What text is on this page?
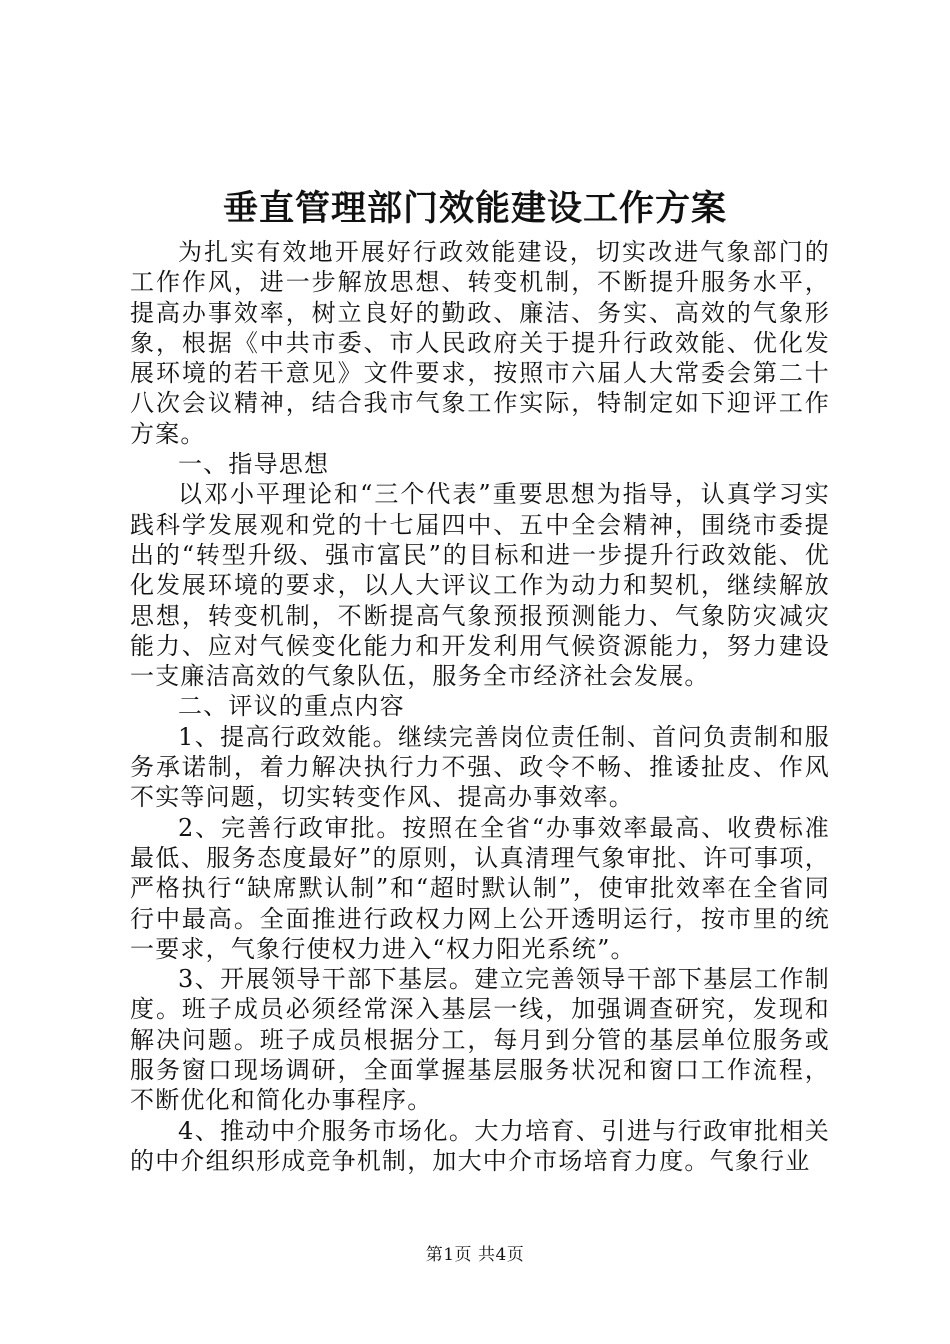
垂直管理部门效能建设工作方案

为扎实有效地开展好行政效能建设，切实改进气象部门的工作作风，进一步解放思想、转变机制，不断提升服务水平，提高办事效率，树立良好的勤政、廉洁、务实、高效的气象形象，根据《中共市委、市人民政府关于提升行政效能、优化发展环境的若干意见》文件要求，按照市六届人大常委会第二十八次会议精神，结合我市气象工作实际，特制定如下迎评工作方案。

一、指导思想

以邓小平理论和“三个代表”重要思想为指导，认真学习实践科学发展观和党的十七届四中、五中全会精神，围绕市委提出的“转型升级、强市富民”的目标和进一步提升行政效能、优化发展环境的要求，以人大评议工作为动力和契机，继续解放思想，转变机制，不断提高气象预报预测能力、气象防灾减灾能力、应对气候变化能力和开发利用气候资源能力，努力建设一支廉洁高效的气象队伍，服务全市经济社会发展。

二、评议的重点内容

1、提高行政效能。继续完善岗位责任制、首问负责制和服务承诺制，着力解决执行力不强、政令不畅、推诿扯皮、作风不实等问题，切实转变作风、提高办事效率。

2、完善行政审批。按照在全省“办事效率最高、收费标准最低、服务态度最好”的原则，认真清理气象审批、许可事项，严格执行“缺席默认制”和“超时默认制”，使审批效率在全省同行中最高。全面推进行政权力网上公开透明运行，按市里的统一要求，气象行使权力进入“权力阳光系统”。

3、开展领导干部下基层。建立完善领导干部下基层工作制度。班子成员必须经常深入基层一线，加强调查研究，发现和解决问题。班子成员根据分工，每月到分管的基层单位服务或服务窗口现场调研，全面掌握基层服务状况和窗口工作流程，不断优化和简化办事程序。

4、推动中介服务市场化。大力培育、引进与行政审批相关的中介组织形成竞争机制，加大中介市场培育力度。气象行业

第1页 共4页
